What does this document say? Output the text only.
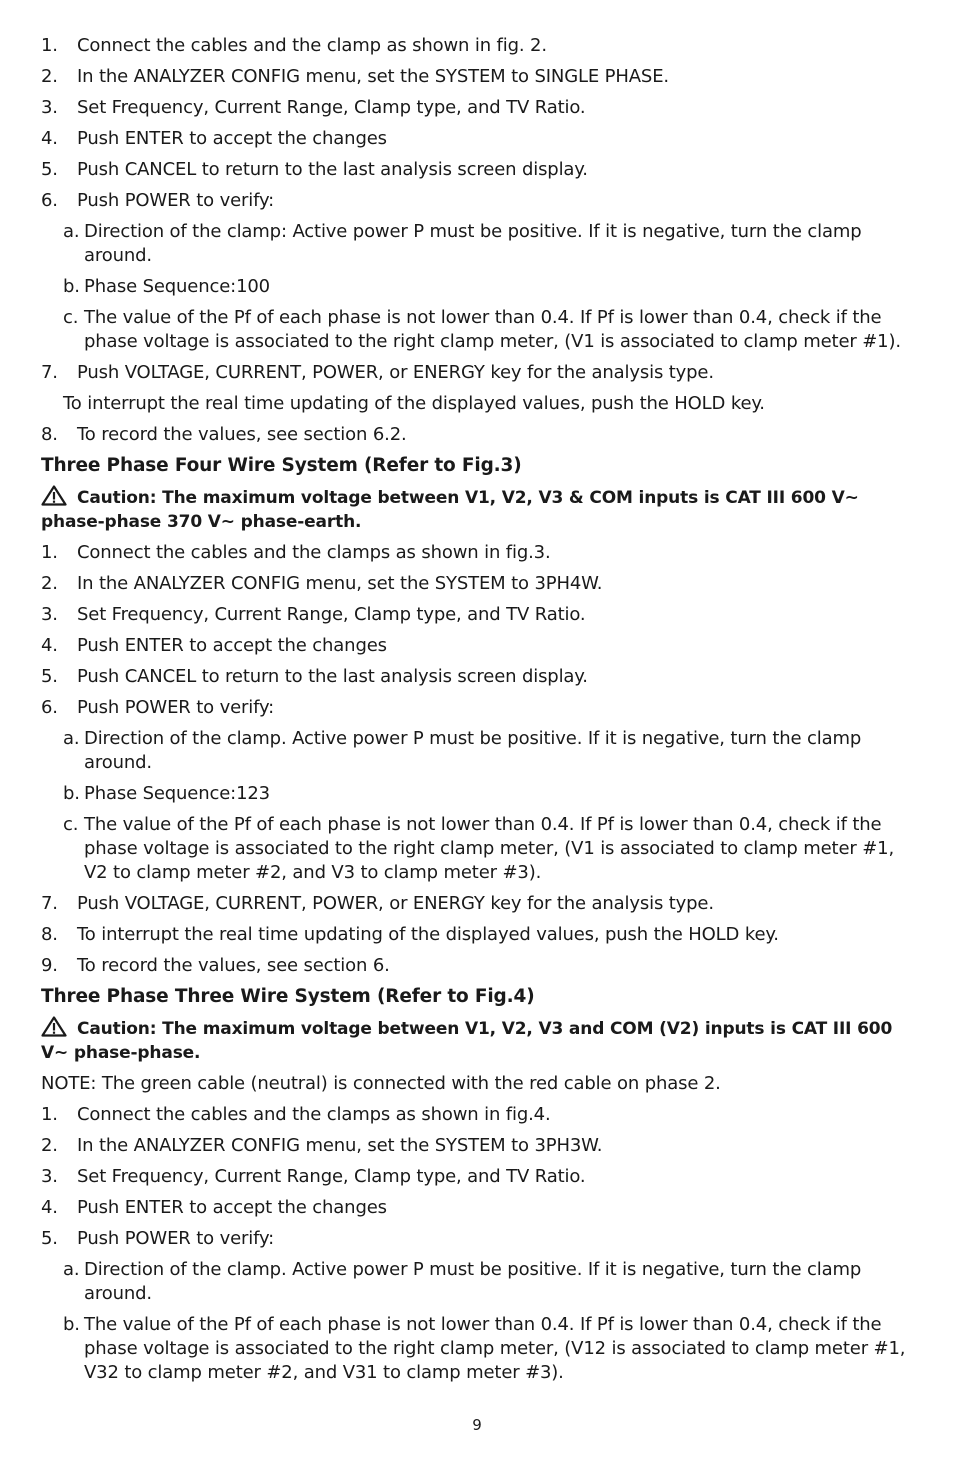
1. Connect the cables and the clamp as shown in fig. 2.
2. In the ANALYZER CONFIG menu, set the SYSTEM to SINGLE PHASE.
3. Set Frequency, Current Range, Clamp type, and TV Ratio.
4. Push ENTER to accept the changes
5. Push CANCEL to return to the last analysis screen display.
6. Push POWER to verify:
a. Direction of the clamp: Active power P must be positive. If it is negative, turn the clamp around.
b. Phase Sequence:100
c. The value of the Pf of each phase is not lower than 0.4. If Pf is lower than 0.4, check if the phase voltage is associated to the right clamp meter, (V1 is associated to clamp meter #1).
7. Push VOLTAGE, CURRENT, POWER, or ENERGY key for the analysis type.
To interrupt the real time updating of the displayed values, push the HOLD key.
8. To record the values, see section 6.2.
Three Phase Four Wire System (Refer to Fig.3)
Caution: The maximum voltage between V1, V2, V3 & COM inputs is CAT III 600 V~ phase-phase 370 V~ phase-earth.
1. Connect the cables and the clamps as shown in fig.3.
2. In the ANALYZER CONFIG menu, set the SYSTEM to 3PH4W.
3. Set Frequency, Current Range, Clamp type, and TV Ratio.
4. Push ENTER to accept the changes
5. Push CANCEL to return to the last analysis screen display.
6. Push POWER to verify:
a. Direction of the clamp. Active power P must be positive. If it is negative, turn the clamp around.
b. Phase Sequence:123
c. The value of the Pf of each phase is not lower than 0.4. If Pf is lower than 0.4, check if the phase voltage is associated to the right clamp meter, (V1 is associated to clamp meter #1, V2 to clamp meter #2, and V3 to clamp meter #3).
7. Push VOLTAGE, CURRENT, POWER, or ENERGY key for the analysis type.
8. To interrupt the real time updating of the displayed values, push the HOLD key.
9. To record the values, see section 6.
Three Phase Three Wire System (Refer to Fig.4)
Caution: The maximum voltage between V1, V2, V3 and COM (V2) inputs is CAT III 600 V~ phase-phase.
NOTE: The green cable (neutral) is connected with the red cable on phase 2.
1. Connect the cables and the clamps as shown in fig.4.
2. In the ANALYZER CONFIG menu, set the SYSTEM to 3PH3W.
3. Set Frequency, Current Range, Clamp type, and TV Ratio.
4. Push ENTER to accept the changes
5. Push POWER to verify:
a. Direction of the clamp. Active power P must be positive. If it is negative, turn the clamp around.
b. The value of the Pf of each phase is not lower than 0.4. If Pf is lower than 0.4, check if the phase voltage is associated to the right clamp meter, (V12 is associated to clamp meter #1, V32 to clamp meter #2, and V31 to clamp meter #3).
9
